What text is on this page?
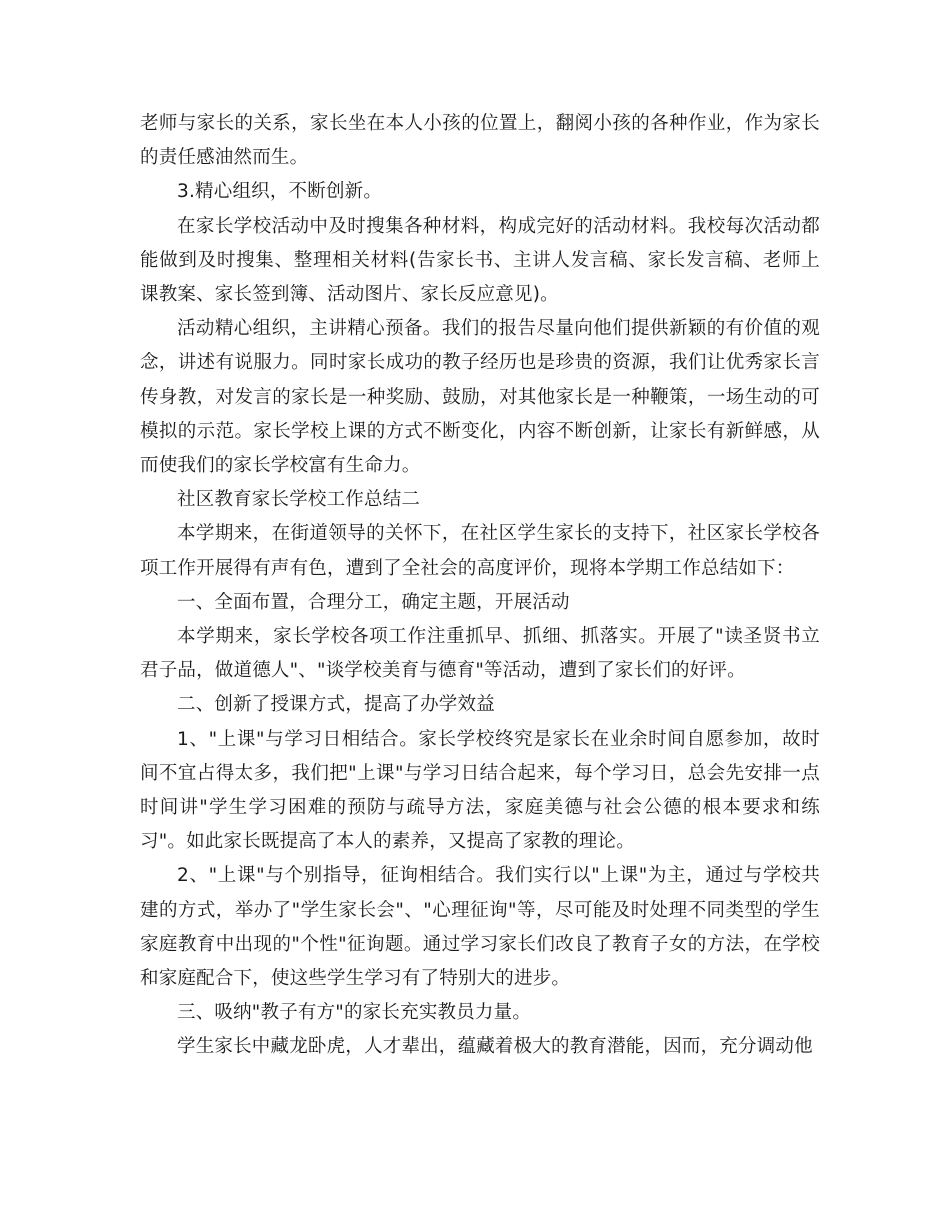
老师与家长的关系，家长坐在本人小孩的位置上，翻阅小孩的各种作业，作为家长的责任感油然而生。

3.精心组织，不断创新。

在家长学校活动中及时搜集各种材料，构成完好的活动材料。我校每次活动都能做到及时搜集、整理相关材料(告家长书、主讲人发言稿、家长发言稿、老师上课教案、家长签到簿、活动图片、家长反应意见)。

活动精心组织，主讲精心预备。我们的报告尽量向他们提供新颖的有价值的观念，讲述有说服力。同时家长成功的教子经历也是珍贵的资源，我们让优秀家长言传身教，对发言的家长是一种奖励、鼓励，对其他家长是一种鞭策，一场生动的可模拟的示范。家长学校上课的方式不断变化，内容不断创新，让家长有新鲜感，从而使我们的家长学校富有生命力。

社区教育家长学校工作总结二

本学期来，在街道领导的关怀下，在社区学生家长的支持下，社区家长学校各项工作开展得有声有色，遭到了全社会的高度评价，现将本学期工作总结如下：

一、全面布置，合理分工，确定主题，开展活动

本学期来，家长学校各项工作注重抓早、抓细、抓落实。开展了"读圣贤书立君子品，做道德人"、"谈学校美育与德育"等活动，遭到了家长们的好评。

二、创新了授课方式，提高了办学效益

1、"上课"与学习日相结合。家长学校终究是家长在业余时间自愿参加，故时间不宜占得太多，我们把"上课"与学习日结合起来，每个学习日，总会先安排一点时间讲"学生学习困难的预防与疏导方法，家庭美德与社会公德的根本要求和练习"。如此家长既提高了本人的素养，又提高了家教的理论。

2、"上课"与个别指导，征询相结合。我们实行以"上课"为主，通过与学校共建的方式，举办了"学生家长会"、"心理征询"等，尽可能及时处理不同类型的学生家庭教育中出现的"个性"征询题。通过学习家长们改良了教育子女的方法，在学校和家庭配合下，使这些学生学习有了特别大的进步。

三、吸纳"教子有方"的家长充实教员力量。

学生家长中藏龙卧虎，人才辈出，蕴藏着极大的教育潜能，因而，充分调动他
